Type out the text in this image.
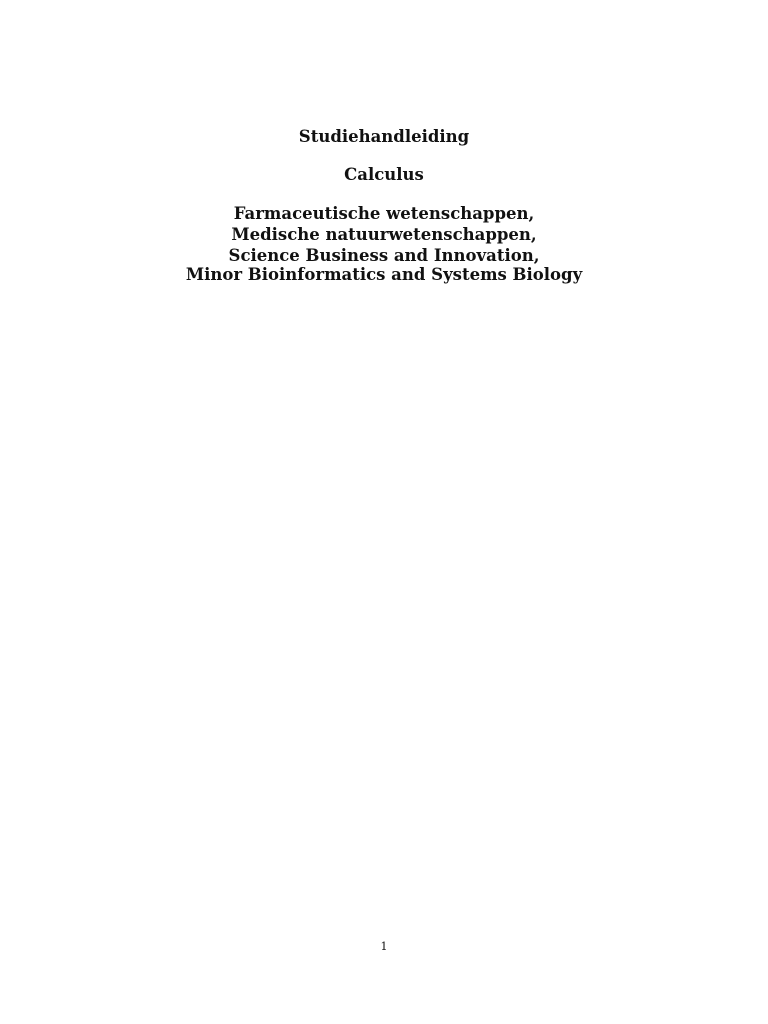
Studiehandleiding
Calculus
Farmaceutische wetenschappen,
Medische natuurwetenschappen,
Science Business and Innovation,
Minor Bioinformatics and Systems Biology
1
